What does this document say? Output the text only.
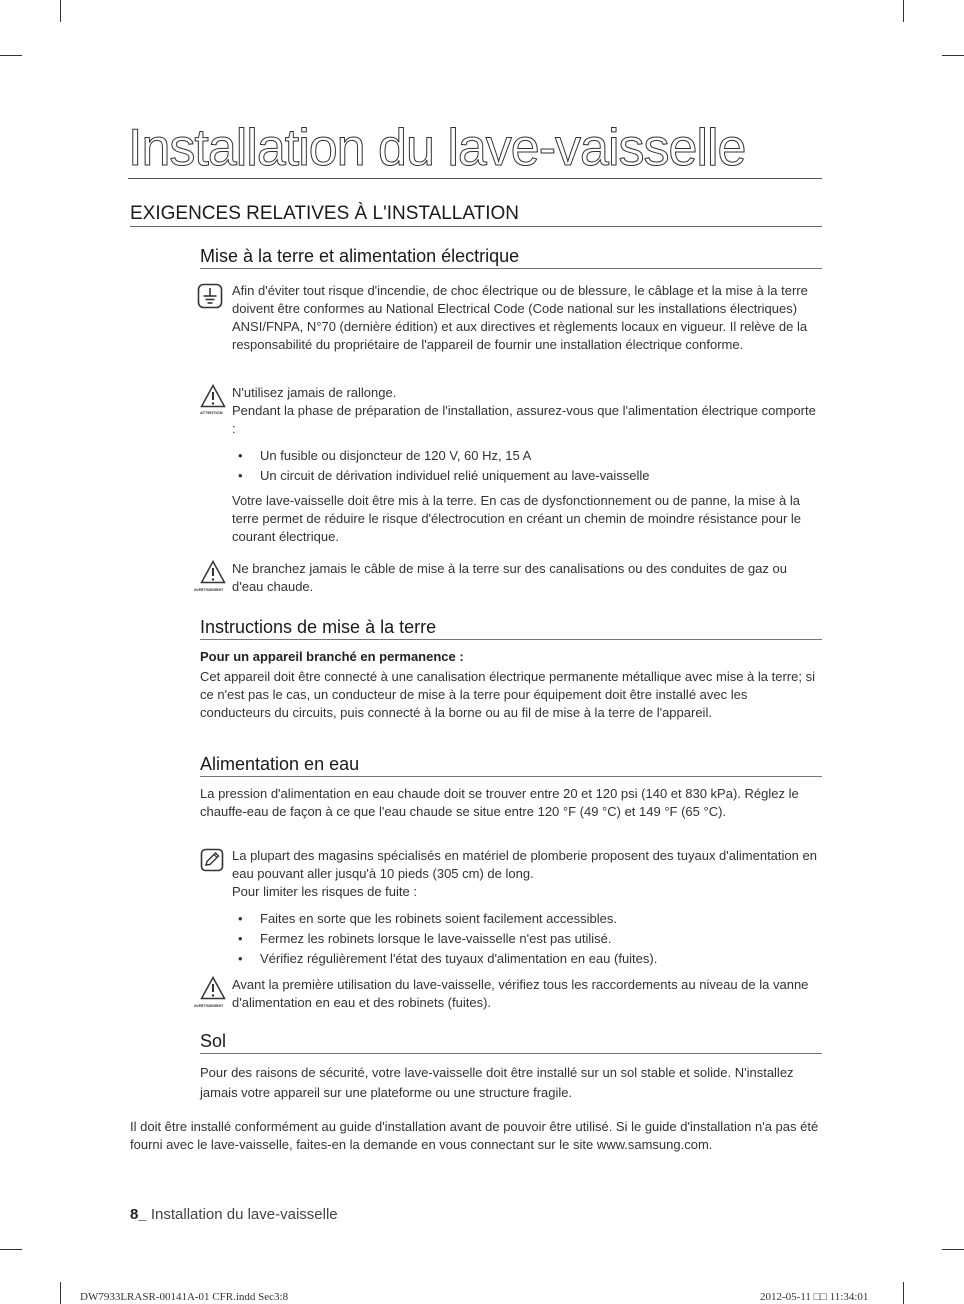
Installation du lave-vaisselle
EXIGENCES RELATIVES À L'INSTALLATION
Mise à la terre et alimentation électrique

Afin d'éviter tout risque d'incendie, de choc électrique ou de blessure, le câblage et la mise à la terre doivent être conformes au National Electrical Code (Code national sur les installations électriques) ANSI/FNPA, N°70 (dernière édition) et aux directives et règlements locaux en vigueur. Il relève de la responsabilité du propriétaire de l'appareil de fournir une installation électrique conforme.

ATTENTION

N'utilisez jamais de rallonge.

Pendant la phase de préparation de l'installation, assurez-vous que l'alimentation électrique comporte :

• Un fusible ou disjoncteur de 120 V, 60 Hz, 15 A
• Un circuit de dérivation individuel relié uniquement au lave-vaisselle

Votre lave-vaisselle doit être mis à la terre. En cas de dysfonctionnement ou de panne, la mise à la terre permet de réduire le risque d'électrocution en créant un chemin de moindre résistance pour le courant électrique.

AVERTISSEMENT

Ne branchez jamais le câble de mise à la terre sur des canalisations ou des conduites de gaz ou d'eau chaude.

Instructions de mise à la terre
Pour un appareil branché en permanence :

Cet appareil doit être connecté à une canalisation électrique permanente métallique avec mise à la terre; si ce n'est pas le cas, un conducteur de mise à la terre pour équipement doit être installé avec les conducteurs du circuits, puis connecté à la borne ou au fil de mise à la terre de l'appareil.

Alimentation en eau

La pression d'alimentation en eau chaude doit se trouver entre 20 et 120 psi (140 et 830 kPa). Réglez le chauffe-eau de façon à ce que l'eau chaude se situe entre 120 °F (49 °C) et 149 °F (65 °C).

La plupart des magasins spécialisés en matériel de plomberie proposent des tuyaux d'alimentation en eau pouvant aller jusqu'à 10 pieds (305 cm) de long.

Pour limiter les risques de fuite :

• Faites en sorte que les robinets soient facilement accessibles.
• Fermez les robinets lorsque le lave-vaisselle n'est pas utilisé.
• Vérifiez régulièrement l'état des tuyaux d'alimentation en eau (fuites).
AVERTISSEMENT

Avant la première utilisation du lave-vaisselle, vérifiez tous les raccordements au niveau de la vanne d'alimentation en eau et des robinets (fuites).

Sol

Pour des raisons de sécurité, votre lave-vaisselle doit être installé sur un sol stable et solide. N'installez jamais votre appareil sur une plateforme ou une structure fragile.

Il doit être installé conformément au guide d'installation avant de pouvoir être utilisé. Si le guide d'installation n'a pas été fourni avec le lave-vaisselle, faites-en la demande en vous connectant sur le site www.samsung.com.

8_ Installation du lave-vaisselle
DW7933LRASR-00141A-01 CFR.indd Sec3:8	2012-05-11 □□ 11:34:01
